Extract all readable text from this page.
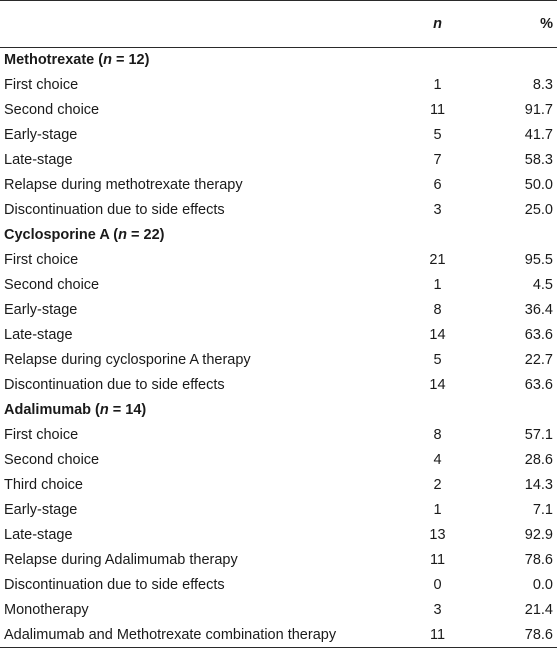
	n	%
Methotrexate (n = 12)		
First choice	1	8.3
Second choice	11	91.7
Early-stage	5	41.7
Late-stage	7	58.3
Relapse during methotrexate therapy	6	50.0
Discontinuation due to side effects	3	25.0
Cyclosporine A (n = 22)		
First choice	21	95.5
Second choice	1	4.5
Early-stage	8	36.4
Late-stage	14	63.6
Relapse during cyclosporine A therapy	5	22.7
Discontinuation due to side effects	14	63.6
Adalimumab (n = 14)		
First choice	8	57.1
Second choice	4	28.6
Third choice	2	14.3
Early-stage	1	7.1
Late-stage	13	92.9
Relapse during Adalimumab therapy	11	78.6
Discontinuation due to side effects	0	0.0
Monotherapy	3	21.4
Adalimumab and Methotrexate combination therapy	11	78.6
